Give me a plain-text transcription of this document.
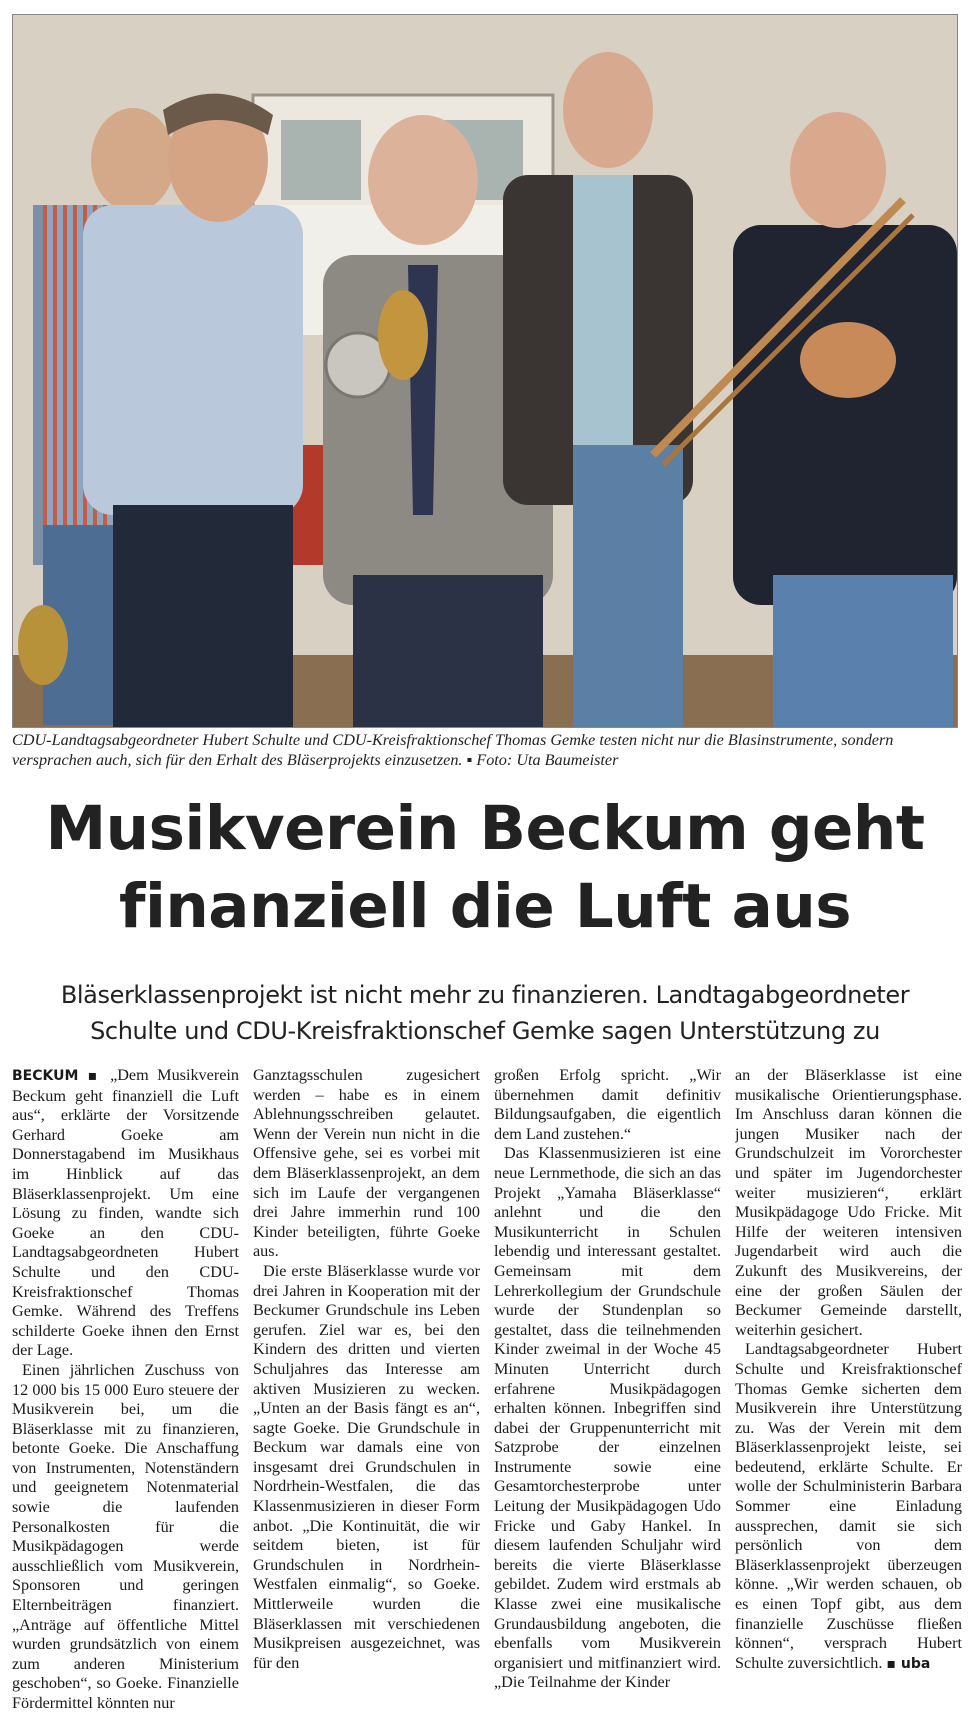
CDU-Landtagsabgeordneter Hubert Schulte und CDU-Kreisfraktionschef Thomas Gemke testen nicht nur die Blasinstrumente, sondern versprachen auch, sich für den Erhalt des Bläserprojekts einzusetzen. ▪ Foto: Uta Baumeister
Musikverein Beckum geht
finanziell die Luft aus
Bläserklassenprojekt ist nicht mehr zu finanzieren. Landtagabgeordneter
Schulte und CDU-Kreisfraktionschef Gemke sagen Unterstützung zu

BECKUM ▪ „Dem Musikverein Beckum geht finanziell die Luft aus“, erklärte der Vorsitzende Gerhard Goeke am Donnerstagabend im Musikhaus im Hinblick auf das Bläserklassenprojekt. Um eine Lösung zu finden, wandte sich Goeke an den CDU-Landtagsabgeordneten Hubert Schulte und den CDU-Kreisfraktionschef Thomas Gemke. Während des Treffens schilderte Goeke ihnen den Ernst der Lage.

Einen jährlichen Zuschuss von 12 000 bis 15 000 Euro steuere der Musikverein bei, um die Bläserklasse mit zu finanzieren, betonte Goeke. Die Anschaffung von Instrumenten, Notenständern und geeignetem Notenmaterial sowie die laufenden Personalkosten für die Musikpädagogen werde ausschließlich vom Musikverein, Sponsoren und geringen Elternbeiträgen finanziert. „Anträge auf öffentliche Mittel wurden grundsätzlich von einem zum anderen Ministerium geschoben“, so Goeke. Finanzielle Fördermittel könnten nur

Ganztagsschulen zugesichert werden – habe es in einem Ablehnungsschreiben gelautet. Wenn der Verein nun nicht in die Offensive gehe, sei es vorbei mit dem Bläserklassenprojekt, an dem sich im Laufe der vergangenen drei Jahre immerhin rund 100 Kinder beteiligten, führte Goeke aus.

Die erste Bläserklasse wurde vor drei Jahren in Kooperation mit der Beckumer Grundschule ins Leben gerufen. Ziel war es, bei den Kindern des dritten und vierten Schuljahres das Interesse am aktiven Musizieren zu wecken. „Unten an der Basis fängt es an“, sagte Goeke. Die Grundschule in Beckum war damals eine von insgesamt drei Grundschulen in Nordrhein-Westfalen, die das Klassenmusizieren in dieser Form anbot. „Die Kontinuität, die wir seitdem bieten, ist für Grundschulen in Nordrhein-Westfalen einmalig“, so Goeke. Mittlerweile wurden die Bläserklassen mit verschiedenen Musikpreisen ausgezeichnet, was für den

großen Erfolg spricht. „Wir übernehmen damit definitiv Bildungsaufgaben, die eigentlich dem Land zustehen.“

Das Klassenmusizieren ist eine neue Lernmethode, die sich an das Projekt „Yamaha Bläserklasse“ anlehnt und die den Musikunterricht in Schulen lebendig und interessant gestaltet. Gemeinsam mit dem Lehrerkollegium der Grundschule wurde der Stundenplan so gestaltet, dass die teilnehmenden Kinder zweimal in der Woche 45 Minuten Unterricht durch erfahrene Musikpädagogen erhalten können. Inbegriffen sind dabei der Gruppenunterricht mit Satzprobe der einzelnen Instrumente sowie eine Gesamtorchesterprobe unter Leitung der Musikpädagogen Udo Fricke und Gaby Hankel. In diesem laufenden Schuljahr wird bereits die vierte Bläserklasse gebildet. Zudem wird erstmals ab Klasse zwei eine musikalische Grundausbildung angeboten, die ebenfalls vom Musikverein organisiert und mitfinanziert wird. „Die Teilnahme der Kinder

an der Bläserklasse ist eine musikalische Orientierungsphase. Im Anschluss daran können die jungen Musiker nach der Grundschulzeit im Vororchester und später im Jugendorchester weiter musizieren“, erklärt Musikpädagoge Udo Fricke. Mit Hilfe der weiteren intensiven Jugendarbeit wird auch die Zukunft des Musikvereins, der eine der großen Säulen der Beckumer Gemeinde darstellt, weiterhin gesichert.

Landtagsabgeordneter Hubert Schulte und Kreisfraktionschef Thomas Gemke sicherten dem Musikverein ihre Unterstützung zu. Was der Verein mit dem Bläserklassenprojekt leiste, sei bedeutend, erklärte Schulte. Er wolle der Schulministerin Barbara Sommer eine Einladung aussprechen, damit sie sich persönlich von dem Bläserklassenprojekt überzeugen könne. „Wir werden schauen, ob es einen Topf gibt, aus dem finanzielle Zuschüsse fließen können“, versprach Hubert Schulte zuversichtlich. ▪ uba
